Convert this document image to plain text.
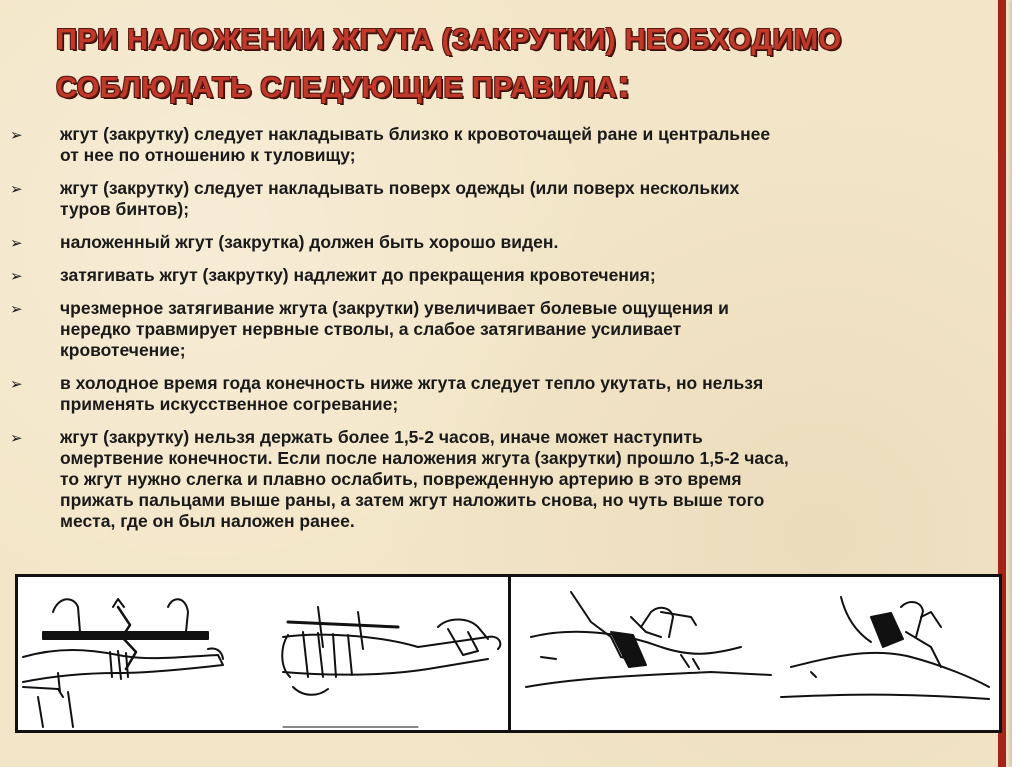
ПРИ НАЛОЖЕНИИ ЖГУТА (ЗАКРУТКИ) НЕОБХОДИМО
СОБЛЮДАТЬ СЛЕДУЮЩИЕ ПРАВИЛА:
➢ жгут (закрутку) следует накладывать близко к кровоточащей ране и центральнее
от нее по отношению к туловищу;
➢ жгут (закрутку) следует накладывать поверх одежды (или поверх нескольких
туров бинтов);
➢ наложенный жгут (закрутка) должен быть хорошо виден.
➢ затягивать жгут (закрутку) надлежит до прекращения кровотечения;
➢ чрезмерное затягивание жгута (закрутки) увеличивает болевые ощущения и
нередко травмирует нервные стволы, а слабое затягивание усиливает
кровотечение;
➢ в холодное время года конечность ниже жгута следует тепло укутать, но нельзя
применять искусственное согревание;
➢ жгут (закрутку) нельзя держать более 1,5-2 часов, иначе может наступить
омертвение конечности. Если после наложения жгута (закрутки) прошло 1,5-2 часа,
то жгут нужно слегка и плавно ослабить, поврежденную артерию в это время
прижать пальцами выше раны, а затем жгут наложить снова, но чуть выше того
места, где он был наложен ранее.
